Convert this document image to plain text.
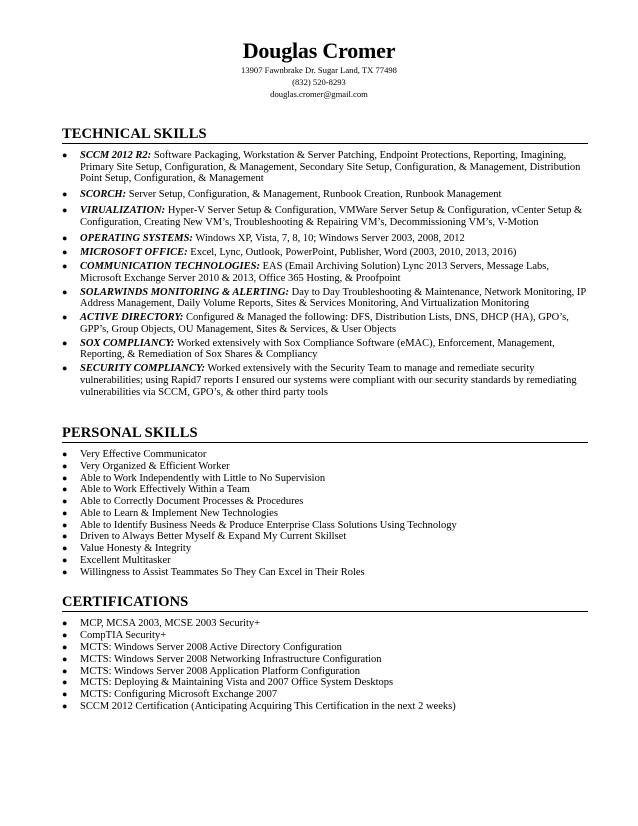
Douglas Cromer
13907 Fawnbrake Dr. Sugar Land, TX 77498
(832) 520-8293
douglas.cromer@gmail.com
TECHNICAL SKILLS
● SCCM 2012 R2: Software Packaging, Workstation & Server Patching, Endpoint Protections, Reporting, Imagining, Primary Site Setup, Configuration, & Management, Secondary Site Setup, Configuration, & Management, Distribution Point Setup, Configuration, & Management
● SCORCH: Server Setup, Configuration, & Management, Runbook Creation, Runbook Management
● VIRUALIZATION: Hyper-V Server Setup & Configuration, VMWare Server Setup & Configuration, vCenter Setup & Configuration, Creating New VM’s, Troubleshooting & Repairing VM’s, Decommissioning VM’s, V-Motion
● OPERATING SYSTEMS: Windows XP, Vista, 7, 8, 10; Windows Server 2003, 2008, 2012
● MICROSOFT OFFICE: Excel, Lync, Outlook, PowerPoint, Publisher, Word (2003, 2010, 2013, 2016)
● COMMUNICATION TECHNOLOGIES: EAS (Email Archiving Solution) Lync 2013 Servers, Message Labs, Microsoft Exchange Server 2010 & 2013, Office 365 Hosting, & Proofpoint
● SOLARWINDS MONITORING & ALERTING: Day to Day Troubleshooting & Maintenance, Network Monitoring, IP Address Management, Daily Volume Reports, Sites & Services Monitoring, And Virtualization Monitoring
● ACTIVE DIRECTORY: Configured & Managed the following: DFS, Distribution Lists, DNS, DHCP (HA), GPO’s, GPP’s, Group Objects, OU Management, Sites & Services, & User Objects
● SOX COMPLIANCY: Worked extensively with Sox Compliance Software (eMAC), Enforcement, Management, Reporting, & Remediation of Sox Shares & Compliancy
● SECURITY COMPLIANCY: Worked extensively with the Security Team to manage and remediate security vulnerabilities; using Rapid7 reports I ensured our systems were compliant with our security standards by remediating vulnerabilities via SCCM, GPO’s, & other third party tools
PERSONAL SKILLS
● Very Effective Communicator
● Very Organized & Efficient Worker
● Able to Work Independently with Little to No Supervision
● Able to Work Effectively Within a Team
● Able to Correctly Document Processes & Procedures
● Able to Learn & Implement New Technologies
● Able to Identify Business Needs & Produce Enterprise Class Solutions Using Technology
● Driven to Always Better Myself & Expand My Current Skillset
● Value Honesty & Integrity
● Excellent Multitasker
● Willingness to Assist Teammates So They Can Excel in Their Roles
CERTIFICATIONS
● MCP, MCSA 2003, MCSE 2003 Security+
● CompTIA Security+
● MCTS: Windows Server 2008 Active Directory Configuration
● MCTS: Windows Server 2008 Networking Infrastructure Configuration
● MCTS: Windows Server 2008 Application Platform Configuration
● MCTS: Deploying & Maintaining Vista and 2007 Office System Desktops
● MCTS: Configuring Microsoft Exchange 2007
● SCCM 2012 Certification (Anticipating Acquiring This Certification in the next 2 weeks)
